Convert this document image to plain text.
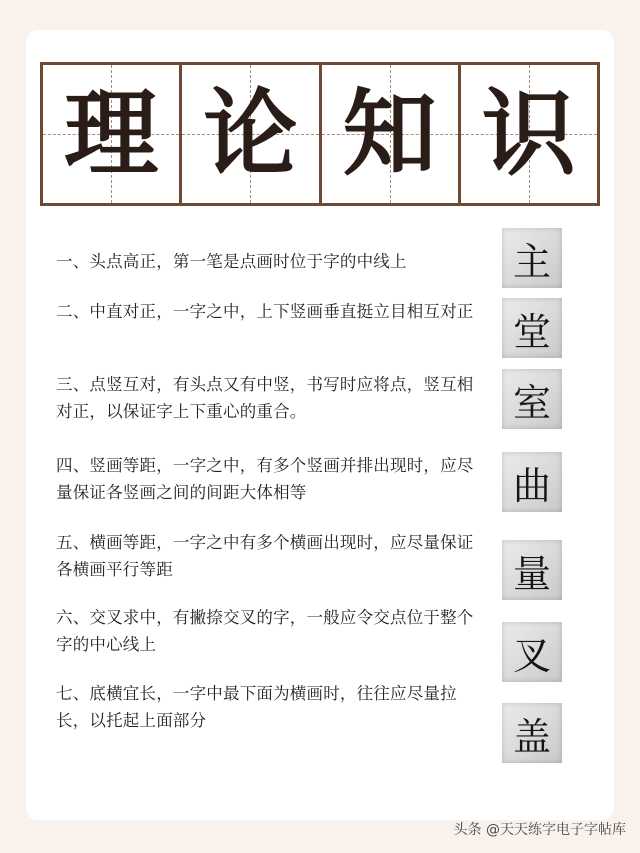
理 论 知 识
一、头点高正，第一笔是点画时位于字的中线上	主
二、中直对正，一字之中，上下竖画垂直挺立目相互对正 堂
三、点竖互对，有头点又有中竖，书写时应将点，竖互相对正，以保证字上下重心的重合。	室
四、竖画等距，一字之中，有多个竖画并排出现时，应尽量保证各竖画之间的间距大体相等	曲
五、横画等距，一字之中有多个横画出现时，应尽量保证各横画平行等距	量
六、交叉求中，有撇捺交叉的字，一般应令交点位于整个字的中心线上	叉
七、底横宜长，一字中最下面为横画时，往往应尽量拉长，以托起上面部分	盖
头条 @天天练字电子字帖库
